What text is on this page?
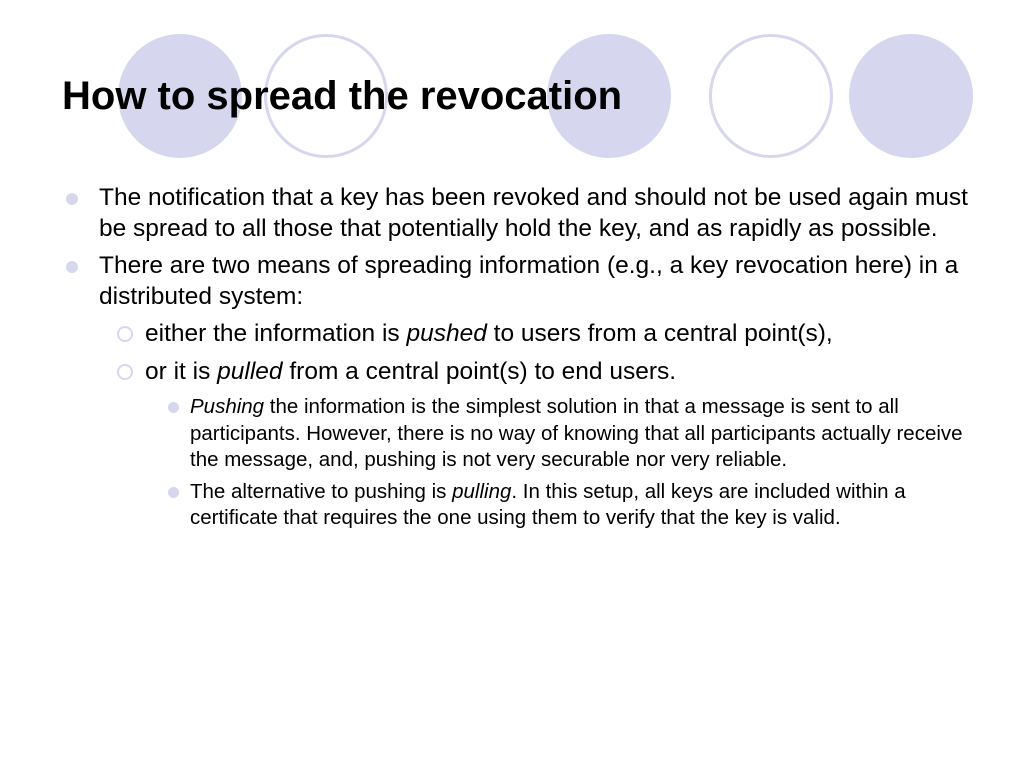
How to spread the revocation
The notification that a key has been revoked and should not be used again must be spread to all those that potentially hold the key, and as rapidly as possible.
There are two means of spreading information (e.g., a key revocation here) in a distributed system:
either the information is pushed to users from a central point(s),
or it is pulled from a central point(s) to end users.
Pushing the information is the simplest solution in that a message is sent to all participants. However, there is no way of knowing that all participants actually receive the message, and, pushing is not very securable nor very reliable.
The alternative to pushing is pulling. In this setup, all keys are included within a certificate that requires the one using them to verify that the key is valid.
